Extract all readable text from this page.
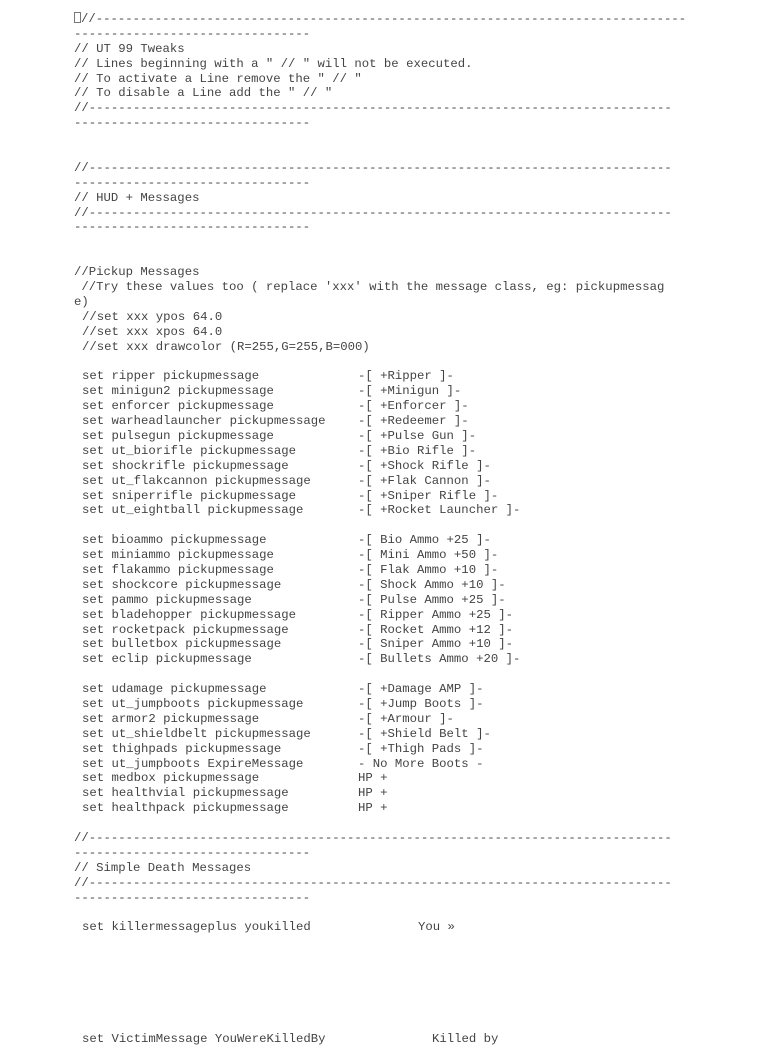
//--------------------------------------------------------------------------------
--------------------------------
// UT 99 Tweaks
// Lines beginning with a " // " will not be executed.
// To activate a Line remove the " // "
// To disable a Line add the " // "
//-------------------------------------------------------------------------------
--------------------------------
//-------------------------------------------------------------------------------
--------------------------------
// HUD + Messages
//-------------------------------------------------------------------------------
--------------------------------
//Pickup Messages
//Try these values too ( replace 'xxx' with the message class, eg: pickupmessag
e)
//set xxx ypos 64.0
//set xxx xpos 64.0
//set xxx drawcolor (R=255,G=255,B=000)
set ripper pickupmessage	-[ +Ripper ]-
set minigun2 pickupmessage	-[ +Minigun ]-
set enforcer pickupmessage	-[ +Enforcer ]-
set warheadlauncher pickupmessage	-[ +Redeemer ]-
set pulsegun pickupmessage	-[ +Pulse Gun ]-
set ut_biorifle pickupmessage	-[ +Bio Rifle ]-
set shockrifle pickupmessage	-[ +Shock Rifle ]-
set ut_flakcannon pickupmessage	-[ +Flak Cannon ]-
set sniperrifle pickupmessage	-[ +Sniper Rifle ]-
set ut_eightball pickupmessage	-[ +Rocket Launcher ]-
set bioammo pickupmessage	-[ Bio Ammo +25 ]-
set miniammo pickupmessage	-[ Mini Ammo +50 ]-
set flakammo pickupmessage	-[ Flak Ammo +10 ]-
set shockcore pickupmessage	-[ Shock Ammo +10 ]-
set pammo pickupmessage	-[ Pulse Ammo +25 ]-
set bladehopper pickupmessage	-[ Ripper Ammo +25 ]-
set rocketpack pickupmessage	-[ Rocket Ammo +12 ]-
set bulletbox pickupmessage	-[ Sniper Ammo +10 ]-
set eclip pickupmessage	-[ Bullets Ammo +20 ]-
set udamage pickupmessage	-[ +Damage AMP ]-
set ut_jumpboots pickupmessage	-[ +Jump Boots ]-
set armor2 pickupmessage	-[ +Armour ]-
set ut_shieldbelt pickupmessage	-[ +Shield Belt ]-
set thighpads pickupmessage	-[ +Thigh Pads ]-
set ut_jumpboots ExpireMessage	- No More Boots -
set medbox pickupmessage	HP +
set healthvial pickupmessage	HP +
set healthpack pickupmessage	HP +
//-------------------------------------------------------------------------------
--------------------------------
// Simple Death Messages
//-------------------------------------------------------------------------------
--------------------------------
set killermessageplus youkilled	You »
set VictimMessage YouWereKilledBy	Killed by
